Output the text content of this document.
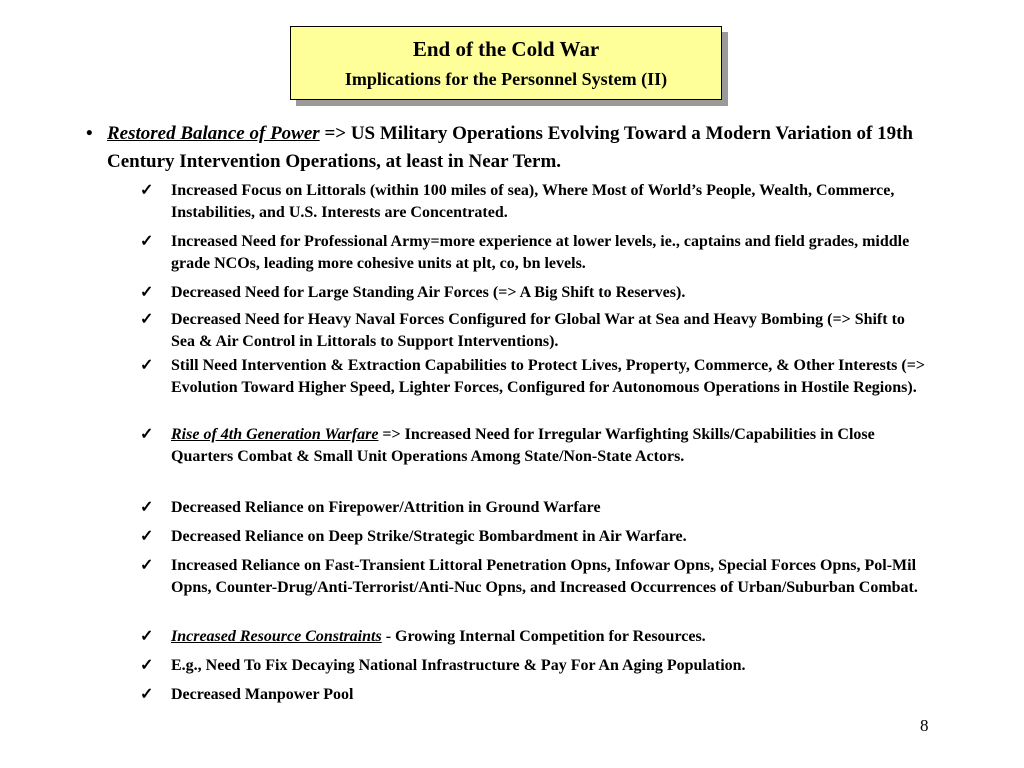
End of the Cold War
Implications for the Personnel System (II)
• Restored Balance of Power => US Military Operations Evolving Toward a Modern Variation of 19th Century Intervention Operations, at least in Near Term.
✓ Increased Focus on Littorals (within 100 miles of sea), Where Most of World’s People, Wealth, Commerce, Instabilities, and U.S. Interests are Concentrated.
✓ Increased Need for Professional Army=more experience at lower levels, ie., captains and field grades, middle grade NCOs, leading more cohesive units at plt, co, bn levels.
✓ Decreased Need for Large Standing Air Forces (=> A Big Shift to Reserves).
✓ Decreased Need for Heavy Naval Forces Configured for Global War at Sea and Heavy Bombing (=> Shift to Sea & Air Control in Littorals to Support Interventions).
✓ Still Need Intervention & Extraction Capabilities to Protect Lives, Property, Commerce, & Other Interests (=> Evolution Toward Higher Speed, Lighter Forces, Configured for Autonomous Operations in Hostile Regions).
✓ Rise of 4th Generation Warfare => Increased Need for Irregular Warfighting Skills/Capabilities in Close Quarters Combat & Small Unit Operations Among State/Non-State Actors.
✓ Decreased Reliance on Firepower/Attrition in Ground Warfare
✓ Decreased Reliance on Deep Strike/Strategic Bombardment in Air Warfare.
✓ Increased Reliance on Fast-Transient Littoral Penetration Opns, Infowar Opns, Special Forces Opns, Pol-Mil Opns, Counter-Drug/Anti-Terrorist/Anti-Nuc Opns, and Increased Occurrences of Urban/Suburban Combat.
✓ Increased Resource Constraints - Growing Internal Competition for Resources.
✓ E.g., Need To Fix Decaying National Infrastructure & Pay For An Aging Population.
✓ Decreased Manpower Pool
8
